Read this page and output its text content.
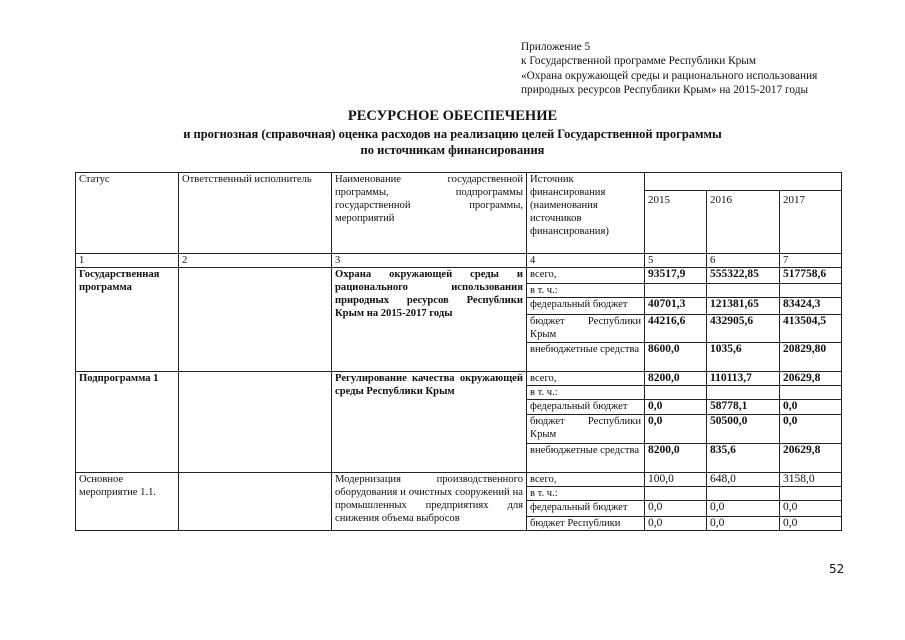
Приложение 5
к Государственной программе Республики Крым
«Охрана окружающей среды и рационального использования
природных ресурсов Республики Крым» на 2015-2017 годы
РЕСУРСНОЕ ОБЕСПЕЧЕНИЕ
и прогнозная (справочная) оценка расходов на реализацию целей Государственной программы
по источникам финансирования
Статус	Ответственный исполнитель	Наименование государственной программы, подпрограммы государственной программы, мероприятий	Источник финансирования (наименования источников финансирования)			
				2015	2016	2017
1	2	3	4	5	6	7
Государственная программа		Охрана окружающей среды и рационального использования природных ресурсов Республики Крым на 2015-2017 годы	всего,	93517,9	555322,85	517758,6
			в т. ч.:			
			федеральный бюджет	40701,3	121381,65	83424,3
			бюджет Республики Крым	44216,6	432905,6	413504,5
			внебюджетные средства	8600,0	1035,6	20829,80
Подпрограмма 1		Регулирование качества окружающей среды Республики Крым	всего,	8200,0	110113,7	20629,8
			в т. ч.:			
			федеральный бюджет	0,0	58778,1	0,0
			бюджет Республики Крым	0,0	50500,0	0,0
			внебюджетные средства	8200,0	835,6	20629,8
Основное мероприятие 1.1.		Модернизация производственного оборудования и очистных сооружений на промышленных предприятиях для снижения объема выбросов	всего,	100,0	648,0	3158,0
			в т. ч.:			
			федеральный бюджет	0,0	0,0	0,0
			бюджет Республики	0,0	0,0	0,0
52
